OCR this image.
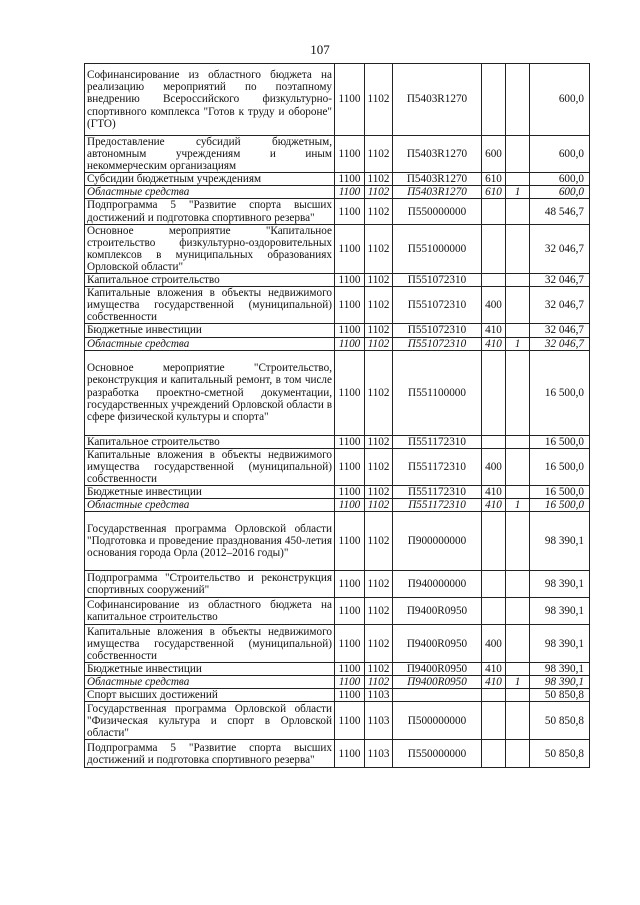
107
Софинансирование из областного бюджета на реализацию мероприятий по поэтапному внедрению Всероссийского физкультурно-спортивного комплекса "Готов к труду и обороне" (ГТО)	1100	1102	П5403R1270			600,0
Предоставление субсидий бюджетным, автономным учреждениям и иным некоммерческим организациям	1100	1102	П5403R1270	600		600,0
Субсидии бюджетным учреждениям	1100	1102	П5403R1270	610		600,0
Областные средства	1100	1102	П5403R1270	610	1	600,0
Подпрограмма 5 "Развитие спорта высших достижений и подготовка спортивного резерва"	1100	1102	П550000000			48 546,7
Основное мероприятие "Капитальное строительство физкультурно-оздоровительных комплексов в муниципальных образованиях Орловской области"	1100	1102	П551000000			32 046,7
Капитальное строительство	1100	1102	П551072310			32 046,7
Капитальные вложения в объекты недвижимого имущества государственной (муниципальной) собственности	1100	1102	П551072310	400		32 046,7
Бюджетные инвестиции	1100	1102	П551072310	410		32 046,7
Областные средства	1100	1102	П551072310	410	1	32 046,7
Основное мероприятие "Строительство, реконструкция и капитальный ремонт, в том числе разработка проектно-сметной документации, государственных учреждений Орловской области в сфере физической культуры и спорта"	1100	1102	П551100000			16 500,0
Капитальное строительство	1100	1102	П551172310			16 500,0
Капитальные вложения в объекты недвижимого имущества государственной (муниципальной) собственности	1100	1102	П551172310	400		16 500,0
Бюджетные инвестиции	1100	1102	П551172310	410		16 500,0
Областные средства	1100	1102	П551172310	410	1	16 500,0
Государственная программа Орловской области "Подготовка и проведение празднования 450-летия основания города Орла (2012–2016 годы)"	1100	1102	П900000000			98 390,1
Подпрограмма "Строительство и реконструкция спортивных сооружений"	1100	1102	П940000000			98 390,1
Софинансирование из областного бюджета на капитальное строительство	1100	1102	П9400R0950			98 390,1
Капитальные вложения в объекты недвижимого имущества государственной (муниципальной) собственности	1100	1102	П9400R0950	400		98 390,1
Бюджетные инвестиции	1100	1102	П9400R0950	410		98 390,1
Областные средства	1100	1102	П9400R0950	410	1	98 390,1
Спорт высших достижений	1100	1103				50 850,8
Государственная программа Орловской области "Физическая культура и спорт в Орловской области"	1100	1103	П500000000			50 850,8
Подпрограмма 5 "Развитие спорта высших достижений и подготовка спортивного резерва"	1100	1103	П550000000			50 850,8
